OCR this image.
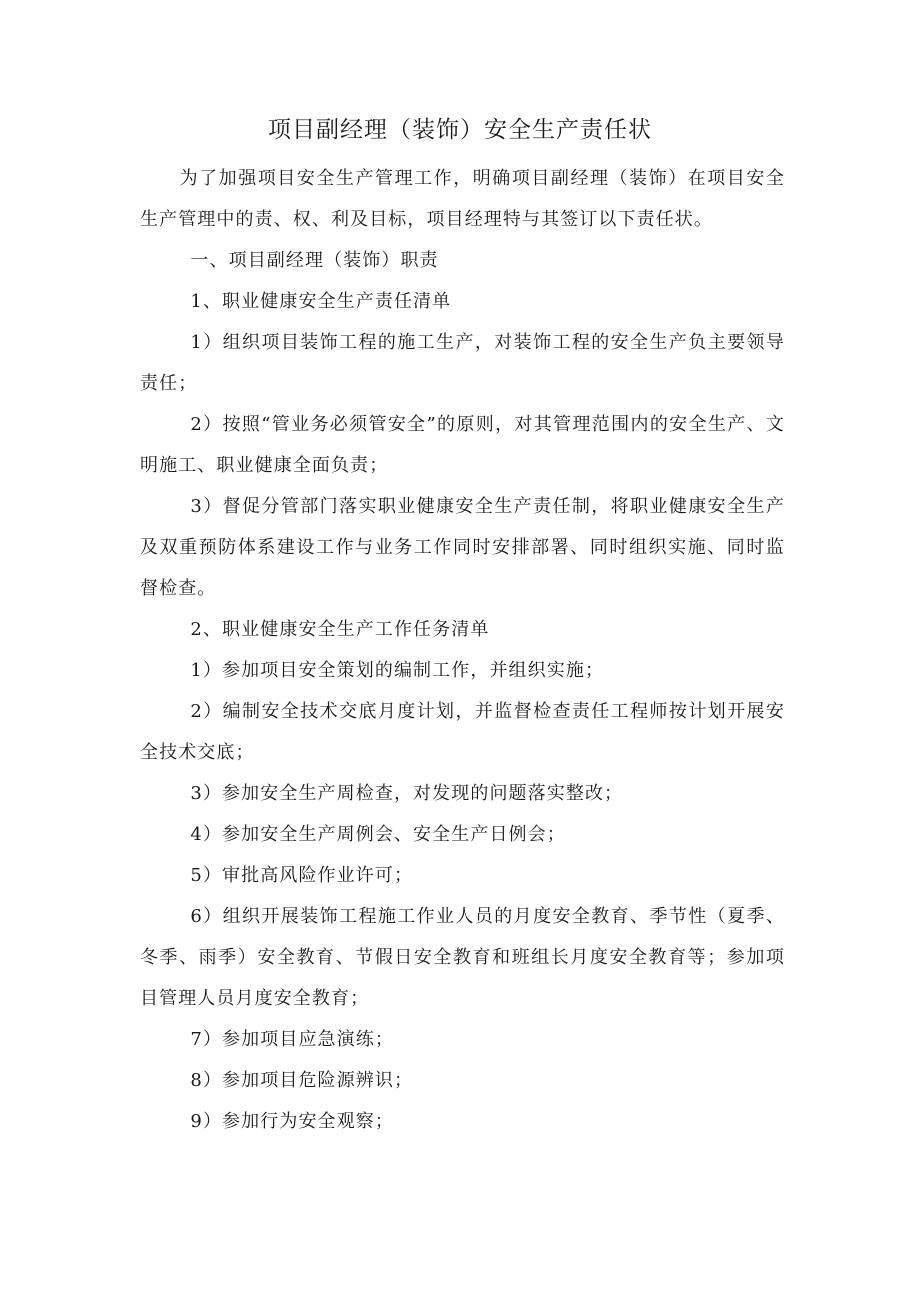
项目副经理（装饰）安全生产责任状

为了加强项目安全生产管理工作，明确项目副经理（装饰）在项目安全生产管理中的责、权、利及目标，项目经理特与其签订以下责任状。

一、项目副经理（装饰）职责

1、职业健康安全生产责任清单

1）组织项目装饰工程的施工生产，对装饰工程的安全生产负主要领导责任；

2）按照“管业务必须管安全”的原则，对其管理范围内的安全生产、文明施工、职业健康全面负责；

3）督促分管部门落实职业健康安全生产责任制，将职业健康安全生产及双重预防体系建设工作与业务工作同时安排部署、同时组织实施、同时监督检查。

2、职业健康安全生产工作任务清单

1）参加项目安全策划的编制工作，并组织实施；

2）编制安全技术交底月度计划，并监督检查责任工程师按计划开展安全技术交底；

3）参加安全生产周检查，对发现的问题落实整改；

4）参加安全生产周例会、安全生产日例会；

5）审批高风险作业许可；

6）组织开展装饰工程施工作业人员的月度安全教育、季节性（夏季、冬季、雨季）安全教育、节假日安全教育和班组长月度安全教育等；参加项目管理人员月度安全教育；

7）参加项目应急演练；

8）参加项目危险源辨识；

9）参加行为安全观察；
